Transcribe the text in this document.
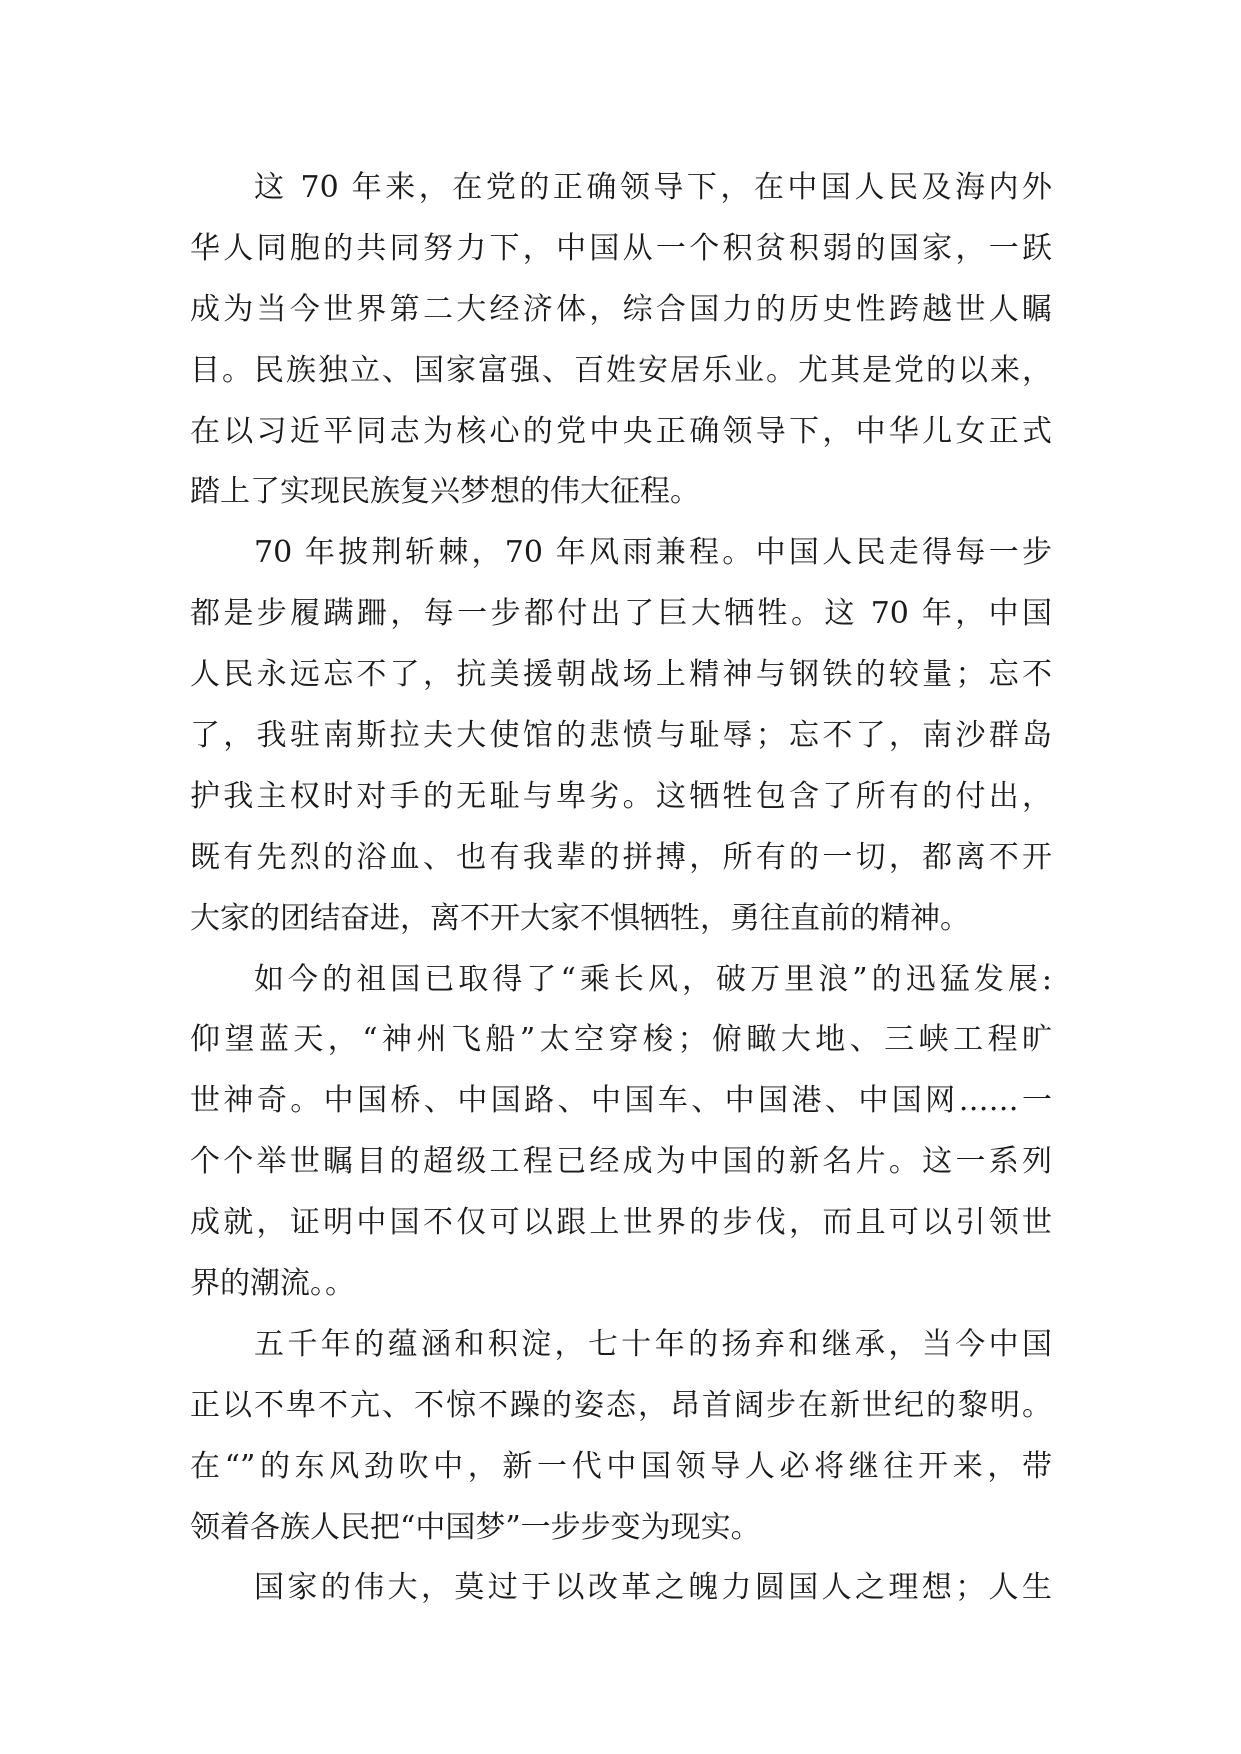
这 70 年来，在党的正确领导下，在中国人民及海内外
华人同胞的共同努力下，中国从一个积贫积弱的国家，一跃
成为当今世界第二大经济体，综合国力的历史性跨越世人瞩
目。民族独立、国家富强、百姓安居乐业。尤其是党的以来，
在以习近平同志为核心的党中央正确领导下，中华儿女正式
踏上了实现民族复兴梦想的伟大征程。
70 年披荆斩棘，70 年风雨兼程。中国人民走得每一步
都是步履蹒跚，每一步都付出了巨大牺牲。这 70 年，中国
人民永远忘不了，抗美援朝战场上精神与钢铁的较量；忘不
了，我驻南斯拉夫大使馆的悲愤与耻辱；忘不了，南沙群岛
护我主权时对手的无耻与卑劣。这牺牲包含了所有的付出，
既有先烈的浴血、也有我辈的拼搏，所有的一切，都离不开
大家的团结奋进，离不开大家不惧牺牲，勇往直前的精神。
如今的祖国已取得了“乘长风，破万里浪”的迅猛发展:
仰望蓝天，“神州飞船”太空穿梭；俯瞰大地、三峡工程旷
世神奇。中国桥、中国路、中国车、中国港、中国网……一
个个举世瞩目的超级工程已经成为中国的新名片。这一系列
成就，证明中国不仅可以跟上世界的步伐，而且可以引领世
界的潮流。。
五千年的蕴涵和积淀，七十年的扬弃和继承，当今中国
正以不卑不亢、不惊不躁的姿态，昂首阔步在新世纪的黎明。
在“”的东风劲吹中，新一代中国领导人必将继往开来，带
领着各族人民把“中国梦”一步步变为现实。
国家的伟大，莫过于以改革之魄力圆国人之理想；人生
